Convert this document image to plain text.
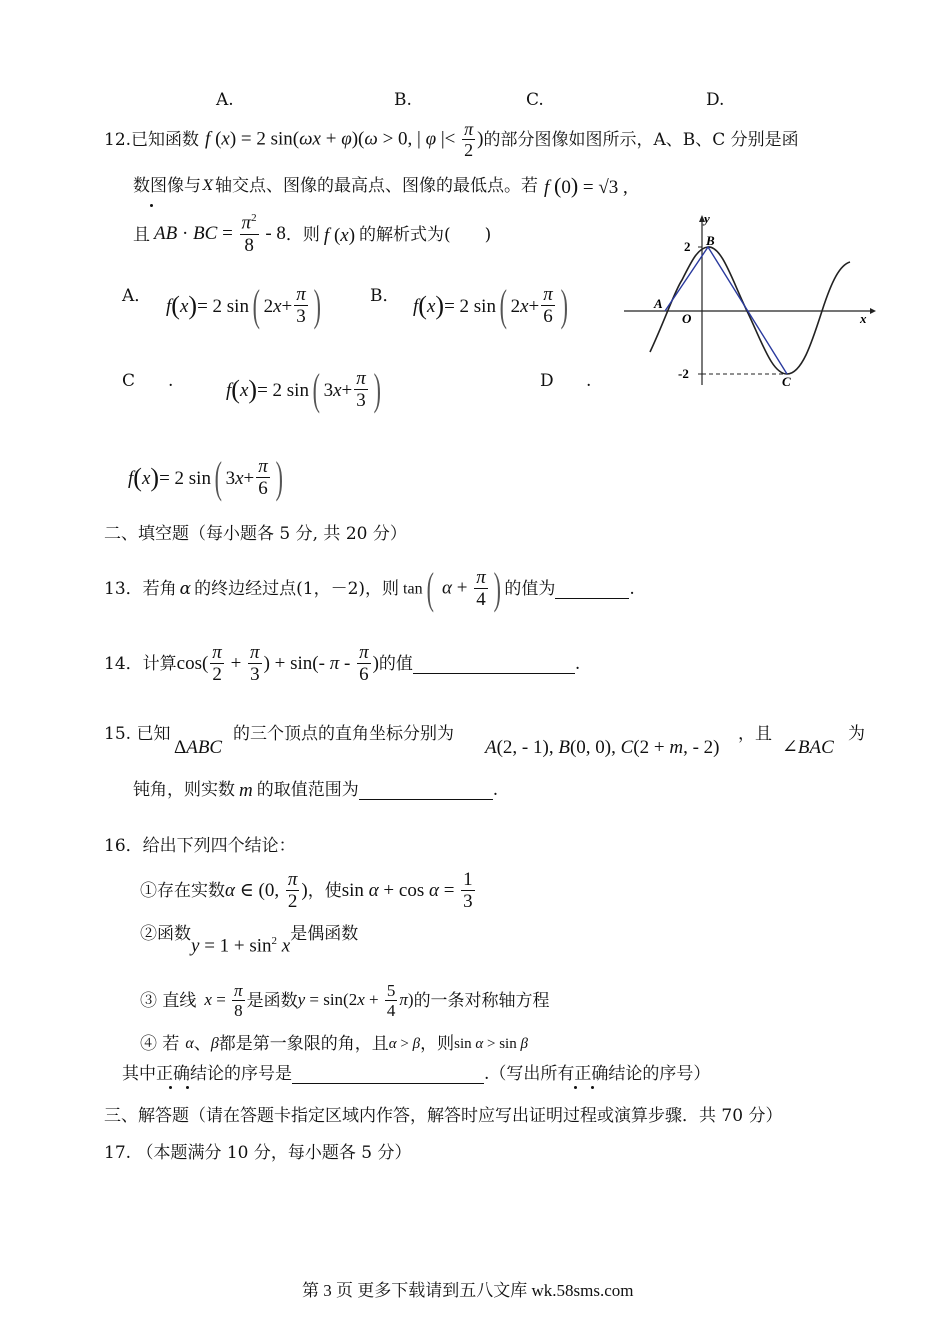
A.	B.	C.	D.
12. 已知函数 f (x) = 2 sin(ωx + φ)(ω > 0, | φ |< $\frac{\pi}{2}$ ) 的部分图像如图所示，A、B、C 分别是函
数图像与 X 轴交点、图像的最高点、图像的最低点。若 f (0) = √3 ,
且 AB · BC = $\frac{\pi^2}{8} - 8$ ．则 f (x) 的解析式为(　　)
A． f ( x ) = 2 sin ( 2 $x + \frac{\pi}{3}$ )	B． f ( x ) = 2 sin ( 2 $x + \frac{\pi}{6}$ )
C .	f ( x ) = 2 sin ( 3 $x + \frac{\pi}{3}$ )	D .
f ( x ) = 2 sin ( 3 $x + \frac{\pi}{6}$ )
y
x
O
2
-2
A
B
C
二、填空题（每小题各 5 分, 共 20 分）
13．若角 α 的终边经过点(1，－2)，则 tan( $\alpha + \frac{\pi}{4}$ ) 的值为	.
14．计算 $\cos( \frac{\pi}{2} + \frac{\pi}{3}$ ) + sin(- π - $\frac{\pi}{6}$ ) 的值	.
15. 已知
ΔABC
的三个顶点的直角坐标分别为
A(2, - 1), B(0, 0), C(2 + m, - 2)
，且
∠BAC
为
钝角，则实数 m 的取值范围为	.
16．给出下列四个结论：
①存在实数 α ∈ (0, $\frac{\pi}{2}$ ) ，使 $\sin \alpha + \cos \alpha = \frac{1}{3}$
②函数
$y = 1 + \sin^2 x$
是偶函数
③ 直线 $x = \frac{\pi}{8}$ 是函数 $y = \sin(2x + \frac{5}{4} \pi)$ 的一条对称轴方程
④ 若 α 、 β 都是第一象限的角，且 α > β ，则 sin α > sin β
其中正确结论的序号是	.（写出所有正确结论的序号）
三、解答题（请在答题卡指定区域内作答，解答时应写出证明过程或演算步骤．共 70 分）
17. （本题满分 10 分，每小题各 5 分）
第 3 页 更多下载请到五八文库 wk.58sms.com
